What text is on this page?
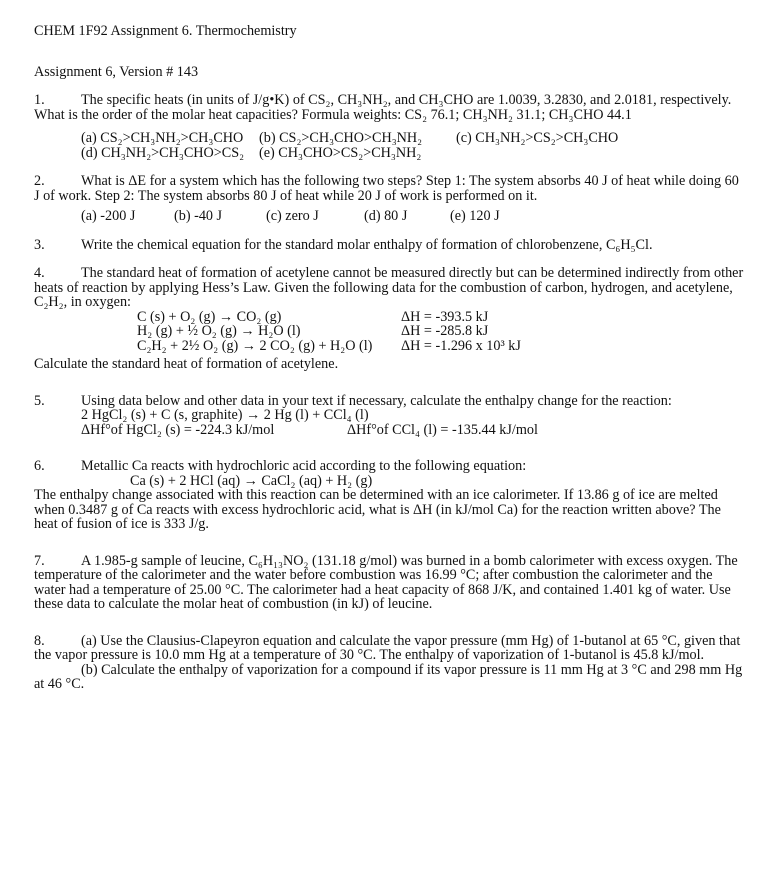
CHEM 1F92 Assignment 6. Thermochemistry
Assignment 6, Version # 143
1.	The specific heats (in units of J/g•K) of CS₂, CH₃NH₂, and CH₃CHO are 1.0039, 3.2830, and 2.0181, respectively. What is the order of the molar heat capacities? Formula weights: CS₂ 76.1; CH₃NH₂ 31.1; CH₃CHO 44.1
(a) CS₂>CH₃NH₂>CH₃CHO	(b) CS₂>CH₃CHO>CH₃NH₂	(c) CH₃NH₂>CS₂>CH₃CHO
(d) CH₃NH₂>CH₃CHO>CS₂	(e) CH₃CHO>CS₂>CH₃NH₂
2.	What is ΔE for a system which has the following two steps? Step 1: The system absorbs 40 J of heat while doing 60 J of work. Step 2: The system absorbs 80 J of heat while 20 J of work is performed on it.
(a) -200 J	(b) -40 J	(c) zero J	(d) 80 J	(e) 120 J
3.	Write the chemical equation for the standard molar enthalpy of formation of chlorobenzene, C₆H₅Cl.
4.	The standard heat of formation of acetylene cannot be measured directly but can be determined indirectly from other heats of reaction by applying Hess’s Law. Given the following data for the combustion of carbon, hydrogen, and acetylene, C₂H₂, in oxygen:
C (s) + O₂ (g) → CO₂ (g)	ΔH = -393.5 kJ
H₂ (g) + ½ O₂ (g) → H₂O (l)	ΔH = -285.8 kJ
C₂H₂ + 2½ O₂ (g) → 2 CO₂ (g) + H₂O (l)	ΔH = -1.296 x 10³ kJ
Calculate the standard heat of formation of acetylene.
5.	Using data below and other data in your text if necessary, calculate the enthalpy change for the reaction:
2 HgCl₂ (s) + C (s, graphite) → 2 Hg (l) + CCl₄ (l)
ΔHf°of HgCl₂ (s) = -224.3 kJ/mol	ΔHf°of CCl₄ (l) = -135.44 kJ/mol
6.	Metallic Ca reacts with hydrochloric acid according to the following equation:
Ca (s) + 2 HCl (aq) → CaCl₂ (aq) + H₂ (g)
The enthalpy change associated with this reaction can be determined with an ice calorimeter. If 13.86 g of ice are melted when 0.3487 g of Ca reacts with excess hydrochloric acid, what is ΔH (in kJ/mol Ca) for the reaction written above? The heat of fusion of ice is 333 J/g.
7.	A 1.985-g sample of leucine, C₆H₁₃NO₂ (131.18 g/mol) was burned in a bomb calorimeter with excess oxygen. The temperature of the calorimeter and the water before combustion was 16.99 °C; after combustion the calorimeter and the water had a temperature of 25.00 °C. The calorimeter had a heat capacity of 868 J/K, and contained 1.401 kg of water. Use these data to calculate the molar heat of combustion (in kJ) of leucine.
8.	(a) Use the Clausius-Clapeyron equation and calculate the vapor pressure (mm Hg) of 1-butanol at 65 °C, given that the vapor pressure is 10.0 mm Hg at a temperature of 30 °C. The enthalpy of vaporization of 1-butanol is 45.8 kJ/mol.
(b) Calculate the enthalpy of vaporization for a compound if its vapor pressure is 11 mm Hg at 3 °C and 298 mm Hg at 46 °C.
